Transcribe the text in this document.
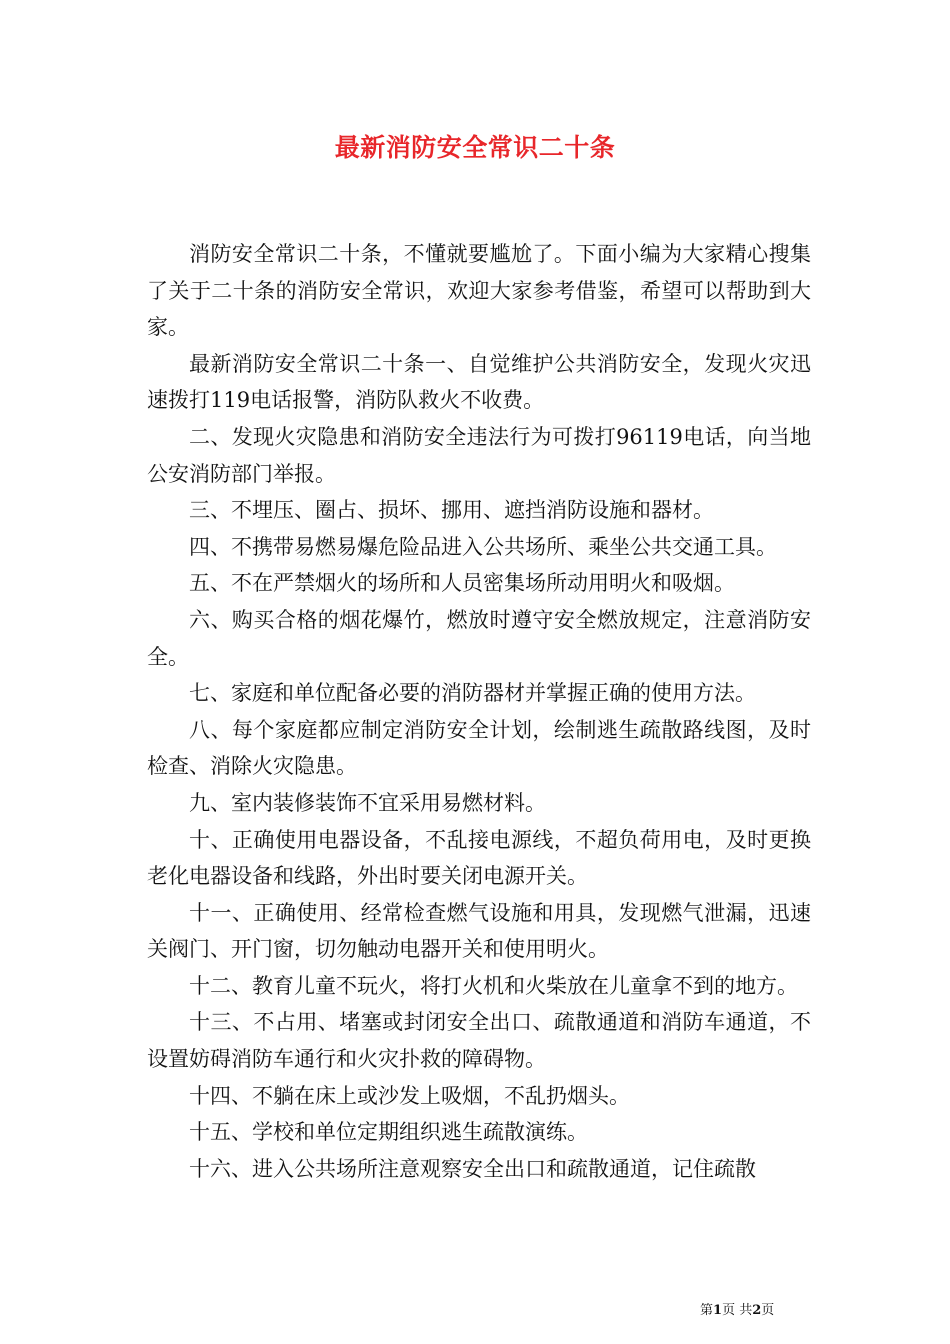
最新消防安全常识二十条

消防安全常识二十条，不懂就要尴尬了。下面小编为大家精心搜集了关于二十条的消防安全常识，欢迎大家参考借鉴，希望可以帮助到大家。

最新消防安全常识二十条一、自觉维护公共消防安全，发现火灾迅速拨打119电话报警，消防队救火不收费。

二、发现火灾隐患和消防安全违法行为可拨打96119电话，向当地公安消防部门举报。

三、不埋压、圈占、损坏、挪用、遮挡消防设施和器材。

四、不携带易燃易爆危险品进入公共场所、乘坐公共交通工具。

五、不在严禁烟火的场所和人员密集场所动用明火和吸烟。

六、购买合格的烟花爆竹，燃放时遵守安全燃放规定，注意消防安全。

七、家庭和单位配备必要的消防器材并掌握正确的使用方法。

八、每个家庭都应制定消防安全计划，绘制逃生疏散路线图，及时检查、消除火灾隐患。

九、室内装修装饰不宜采用易燃材料。

十、正确使用电器设备，不乱接电源线，不超负荷用电，及时更换老化电器设备和线路，外出时要关闭电源开关。

十一、正确使用、经常检查燃气设施和用具，发现燃气泄漏，迅速关阀门、开门窗，切勿触动电器开关和使用明火。

十二、教育儿童不玩火，将打火机和火柴放在儿童拿不到的地方。

十三、不占用、堵塞或封闭安全出口、疏散通道和消防车通道，不设置妨碍消防车通行和火灾扑救的障碍物。

十四、不躺在床上或沙发上吸烟，不乱扔烟头。

十五、学校和单位定期组织逃生疏散演练。

十六、进入公共场所注意观察安全出口和疏散通道，记住疏散

第1页 共2页
